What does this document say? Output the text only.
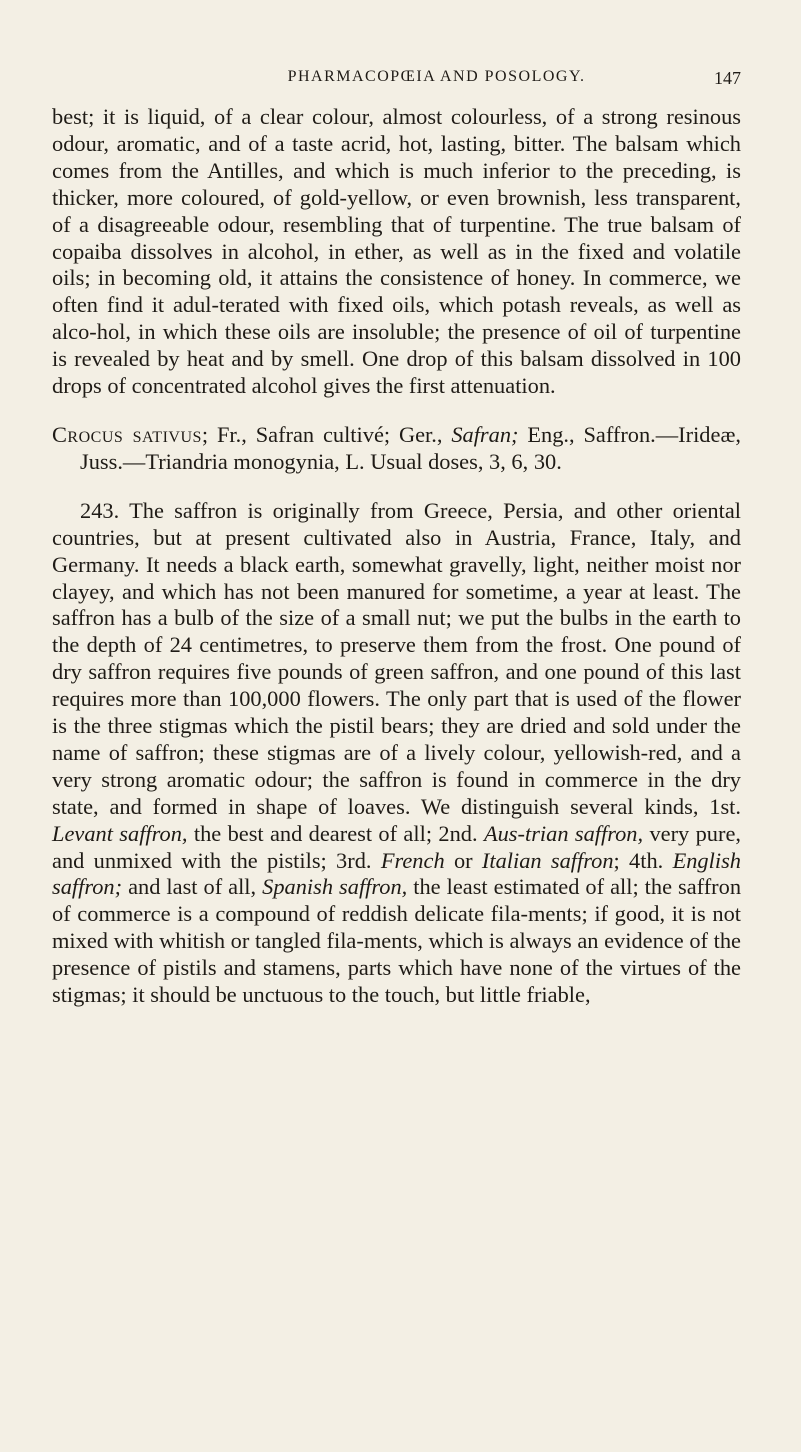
PHARMACOPŒIA AND POSOLOGY.	147

best; it is liquid, of a clear colour, almost colourless, of a strong resinous odour, aromatic, and of a taste acrid, hot, lasting, bitter. The balsam which comes from the Antilles, and which is much inferior to the preceding, is thicker, more coloured, of gold-yellow, or even brownish, less transparent, of a disagreeable odour, resembling that of turpentine. The true balsam of copaiba dissolves in alcohol, in ether, as well as in the fixed and volatile oils; in becoming old, it attains the consistence of honey. In commerce, we often find it adul-terated with fixed oils, which potash reveals, as well as alco-hol, in which these oils are insoluble; the presence of oil of turpentine is revealed by heat and by smell. One drop of this balsam dissolved in 100 drops of concentrated alcohol gives the first attenuation.

Crocus sativus; Fr., Safran cultivé; Ger., Safran; Eng., Saffron.—Irideæ, Juss.—Triandria monogynia, L. Usual doses, 3, 6, 30.

243. The saffron is originally from Greece, Persia, and other oriental countries, but at present cultivated also in Austria, France, Italy, and Germany. It needs a black earth, somewhat gravelly, light, neither moist nor clayey, and which has not been manured for sometime, a year at least. The saffron has a bulb of the size of a small nut; we put the bulbs in the earth to the depth of 24 centimetres, to preserve them from the frost. One pound of dry saffron requires five pounds of green saffron, and one pound of this last requires more than 100,000 flowers. The only part that is used of the flower is the three stigmas which the pistil bears; they are dried and sold under the name of saffron; these stigmas are of a lively colour, yellowish-red, and a very strong aromatic odour; the saffron is found in commerce in the dry state, and formed in shape of loaves. We distinguish several kinds, 1st. Levant saffron, the best and dearest of all; 2nd. Aus-trian saffron, very pure, and unmixed with the pistils; 3rd. French or Italian saffron; 4th. English saffron; and last of all, Spanish saffron, the least estimated of all; the saffron of commerce is a compound of reddish delicate fila-ments; if good, it is not mixed with whitish or tangled fila-ments, which is always an evidence of the presence of pistils and stamens, parts which have none of the virtues of the stigmas; it should be unctuous to the touch, but little friable,
